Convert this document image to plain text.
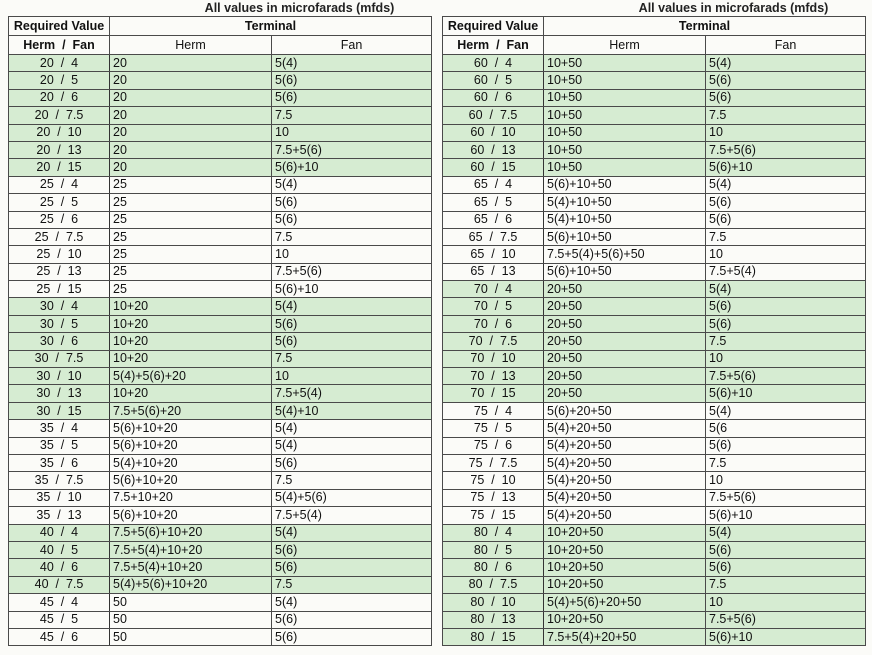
All values in microfarads (mfds)
Required Value	Terminal	
Herm  /  Fan	Herm	Fan
20  /  4	20	5(4)
20  /  5	20	5(6)
20  /  6	20	5(6)
20  /  7.5	20	7.5
20  /  10	20	10
20  /  13	20	7.5+5(6)
20  /  15	20	5(6)+10
25  /  4	25	5(4)
25  /  5	25	5(6)
25  /  6	25	5(6)
25  /  7.5	25	7.5
25  /  10	25	10
25  /  13	25	7.5+5(6)
25  /  15	25	5(6)+10
30  /  4	10+20	5(4)
30  /  5	10+20	5(6)
30  /  6	10+20	5(6)
30  /  7.5	10+20	7.5
30  /  10	5(4)+5(6)+20	10
30  /  13	10+20	7.5+5(4)
30  /  15	7.5+5(6)+20	5(4)+10
35  /  4	5(6)+10+20	5(4)
35  /  5	5(6)+10+20	5(4)
35  /  6	5(4)+10+20	5(6)
35  /  7.5	5(6)+10+20	7.5
35  /  10	7.5+10+20	5(4)+5(6)
35  /  13	5(6)+10+20	7.5+5(4)
40  /  4	7.5+5(6)+10+20	5(4)
40  /  5	7.5+5(4)+10+20	5(6)
40  /  6	7.5+5(4)+10+20	5(6)
40  /  7.5	5(4)+5(6)+10+20	7.5
45  /  4	50	5(4)
45  /  5	50	5(6)
45  /  6	50	5(6)
All values in microfarads (mfds)
Required Value	Terminal	
Herm  /  Fan	Herm	Fan
60  /  4	10+50	5(4)
60  /  5	10+50	5(6)
60  /  6	10+50	5(6)
60  /  7.5	10+50	7.5
60  /  10	10+50	10
60  /  13	10+50	7.5+5(6)
60  /  15	10+50	5(6)+10
65  /  4	5(6)+10+50	5(4)
65  /  5	5(4)+10+50	5(6)
65  /  6	5(4)+10+50	5(6)
65  /  7.5	5(6)+10+50	7.5
65  /  10	7.5+5(4)+5(6)+50	10
65  /  13	5(6)+10+50	7.5+5(4)
70  /  4	20+50	5(4)
70  /  5	20+50	5(6)
70  /  6	20+50	5(6)
70  /  7.5	20+50	7.5
70  /  10	20+50	10
70  /  13	20+50	7.5+5(6)
70  /  15	20+50	5(6)+10
75  /  4	5(6)+20+50	5(4)
75  /  5	5(4)+20+50	5(6
75  /  6	5(4)+20+50	5(6)
75  /  7.5	5(4)+20+50	7.5
75  /  10	5(4)+20+50	10
75  /  13	5(4)+20+50	7.5+5(6)
75  /  15	5(4)+20+50	5(6)+10
80  /  4	10+20+50	5(4)
80  /  5	10+20+50	5(6)
80  /  6	10+20+50	5(6)
80  /  7.5	10+20+50	7.5
80  /  10	5(4)+5(6)+20+50	10
80  /  13	10+20+50	7.5+5(6)
80  /  15	7.5+5(4)+20+50	5(6)+10
